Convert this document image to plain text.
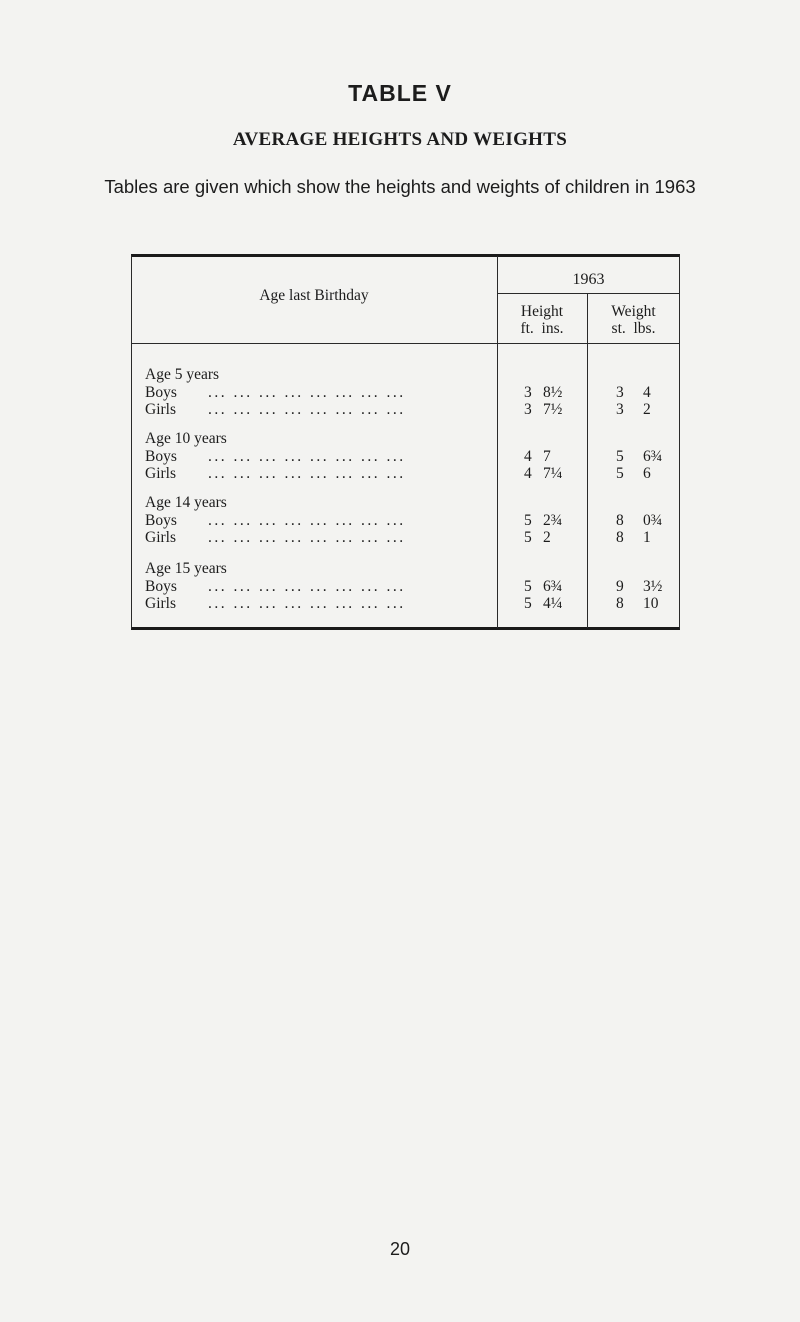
TABLE V
AVERAGE HEIGHTS AND WEIGHTS
Tables are given which show the heights and weights of children in 1963
Age last Birthday
1963
Height
ft.  ins.
Weight
st.  lbs.
Age 5 years
Boys ... ... ... ... ... ... ... ...	3 8½	3 4
Girls ... ... ... ... ... ... ... ...	3 7½	3 2
Age 10 years
Boys ... ... ... ... ... ... ... ...	4 7	5 6¾
Girls ... ... ... ... ... ... ... ...	4 7¼	5 6
Age 14 years
Boys ... ... ... ... ... ... ... ...	5 2¾	8 0¾
Girls ... ... ... ... ... ... ... ...	5 2	8 1
Age 15 years
Boys ... ... ... ... ... ... ... ...	5 6¾	9 3½
Girls ... ... ... ... ... ... ... ...	5 4¼	8 10
20
